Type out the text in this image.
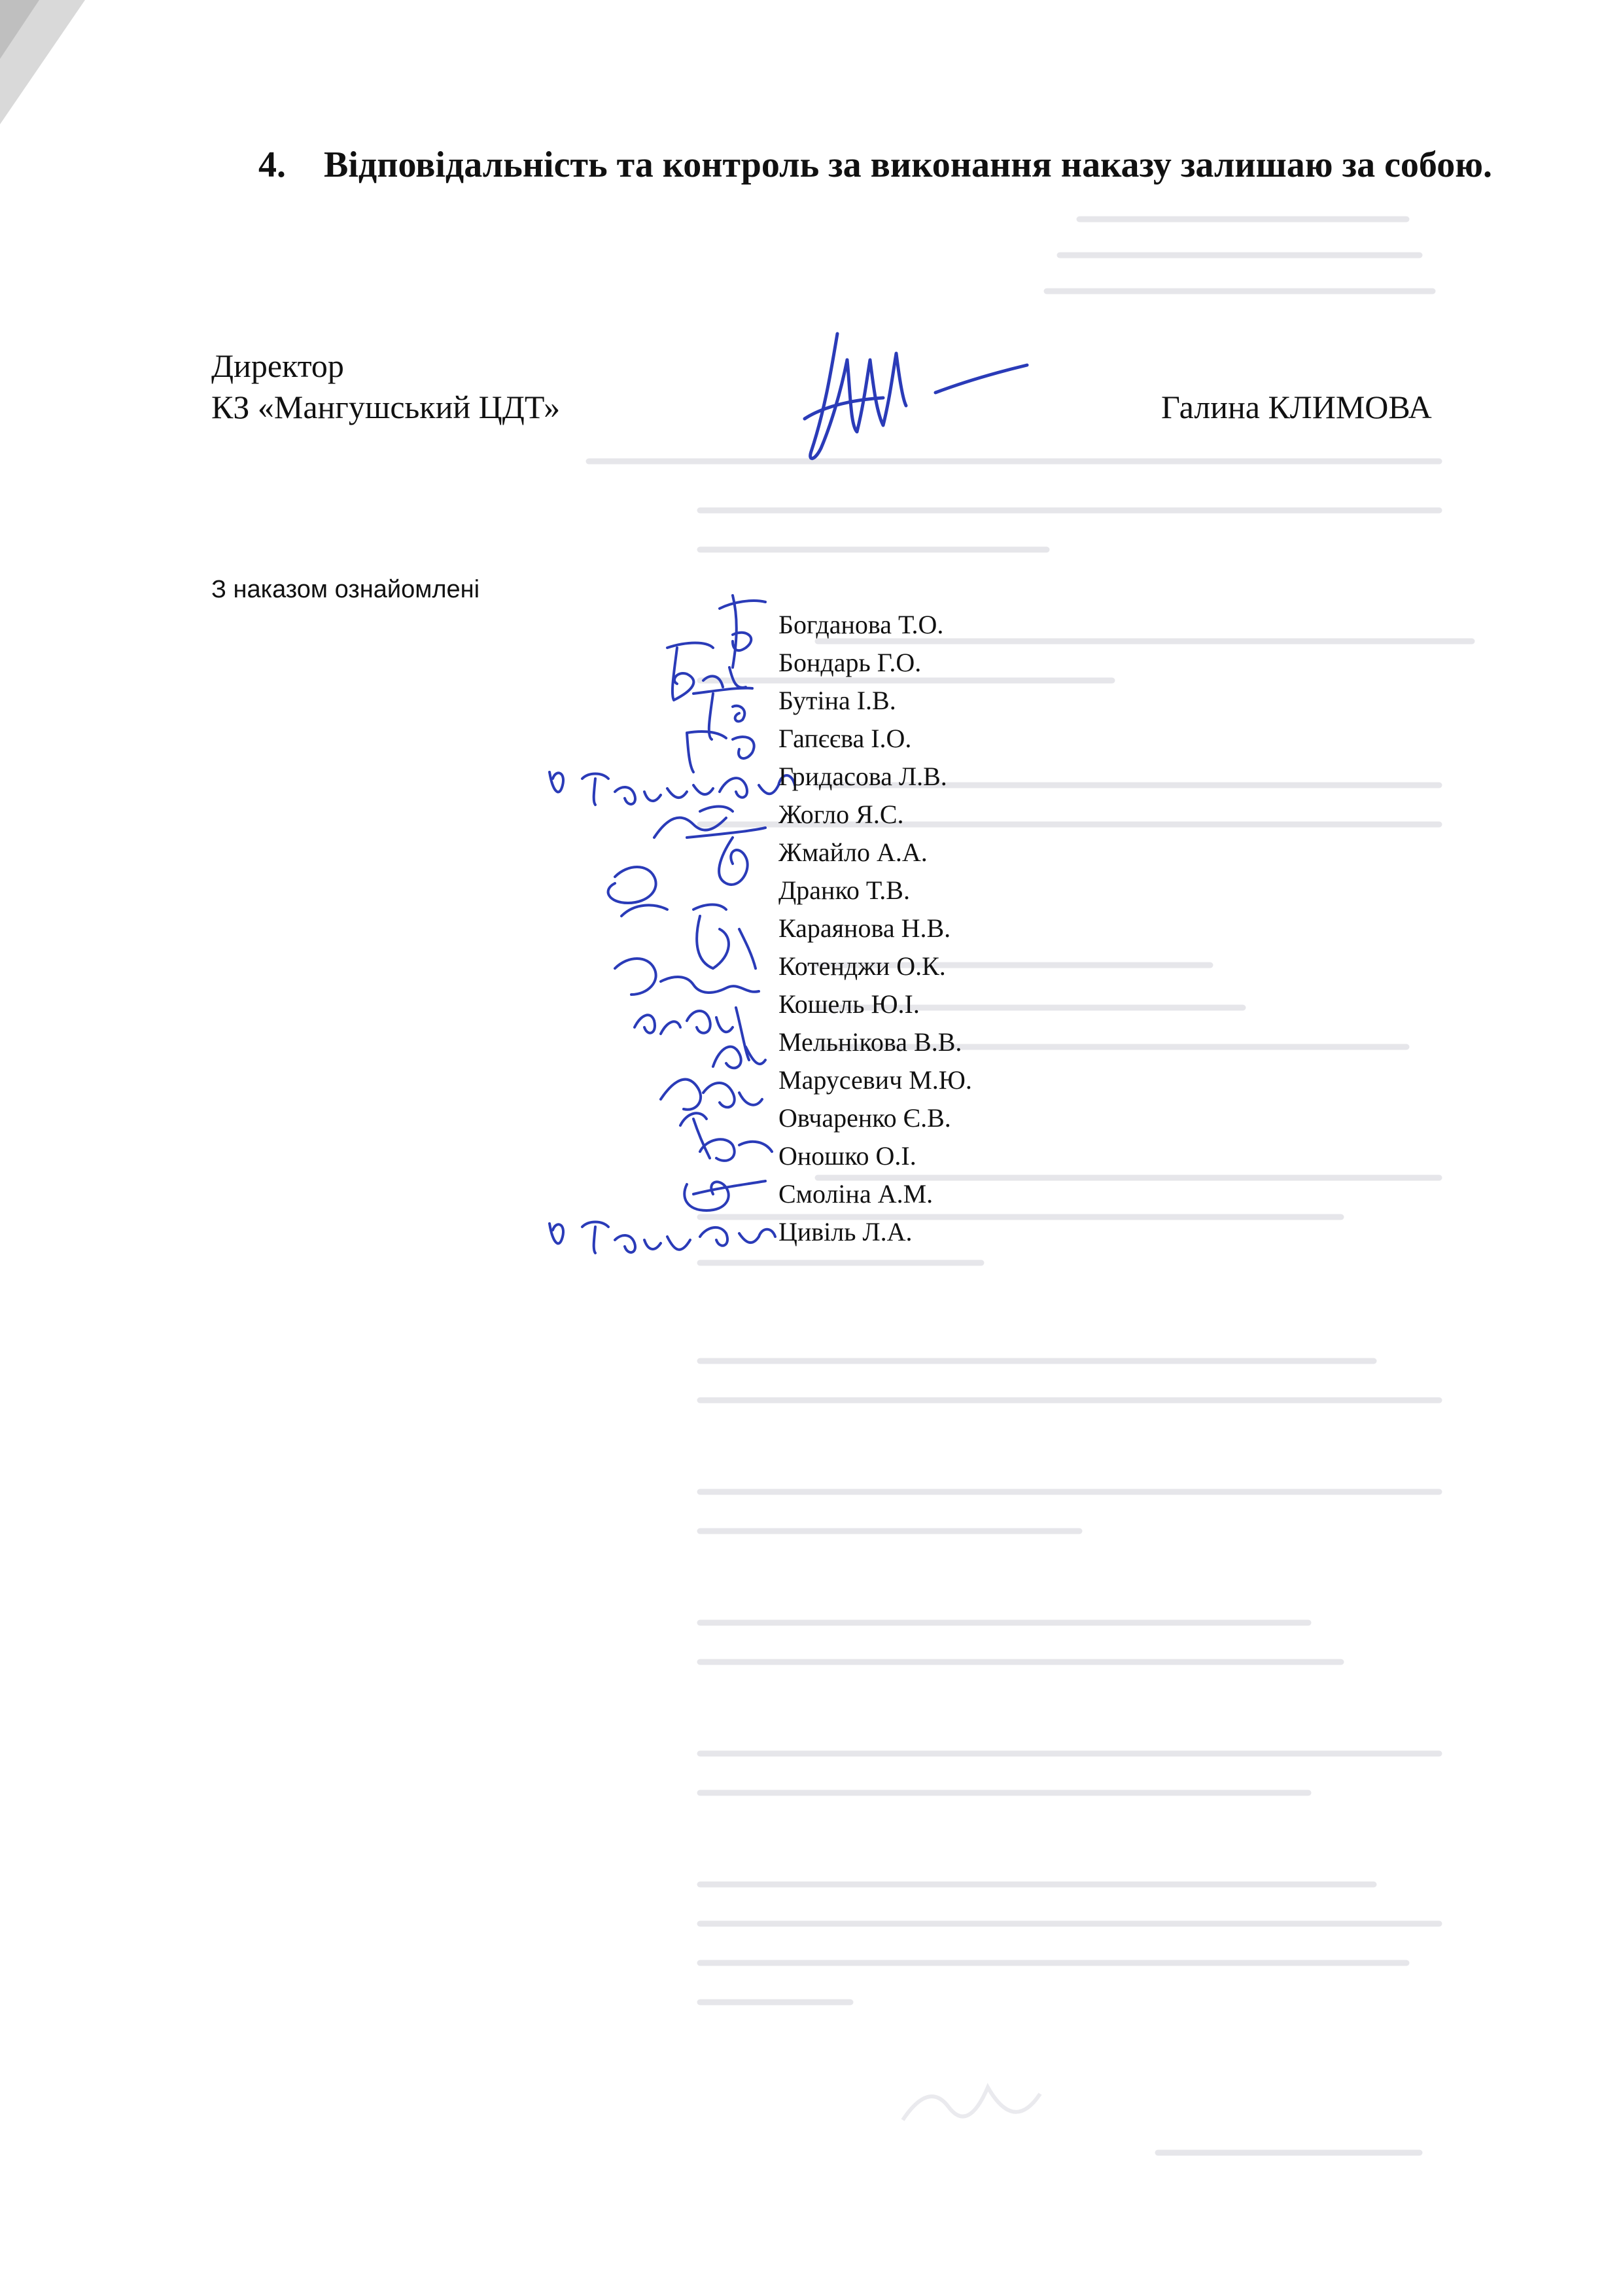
4. Відповідальність та контроль за виконання наказу залишаю за собою.
Директор
КЗ «Мангушський ЦДТ»	Галина КЛИМОВА
З наказом ознайомлені
Богданова Т.О.
Бондарь Г.О.
Бутіна І.В.
Гапєєва І.О.
Гридасова Л.В.
Жогло Я.С.
Жмайло А.А.
Дранко Т.В.
Караянова Н.В.
Котенджи О.К.
Кошель Ю.І.
Мельнікова В.В.
Марусевич М.Ю.
Овчаренко Є.В.
Оношко О.І.
Смоліна А.М.
Цивіль Л.А.
